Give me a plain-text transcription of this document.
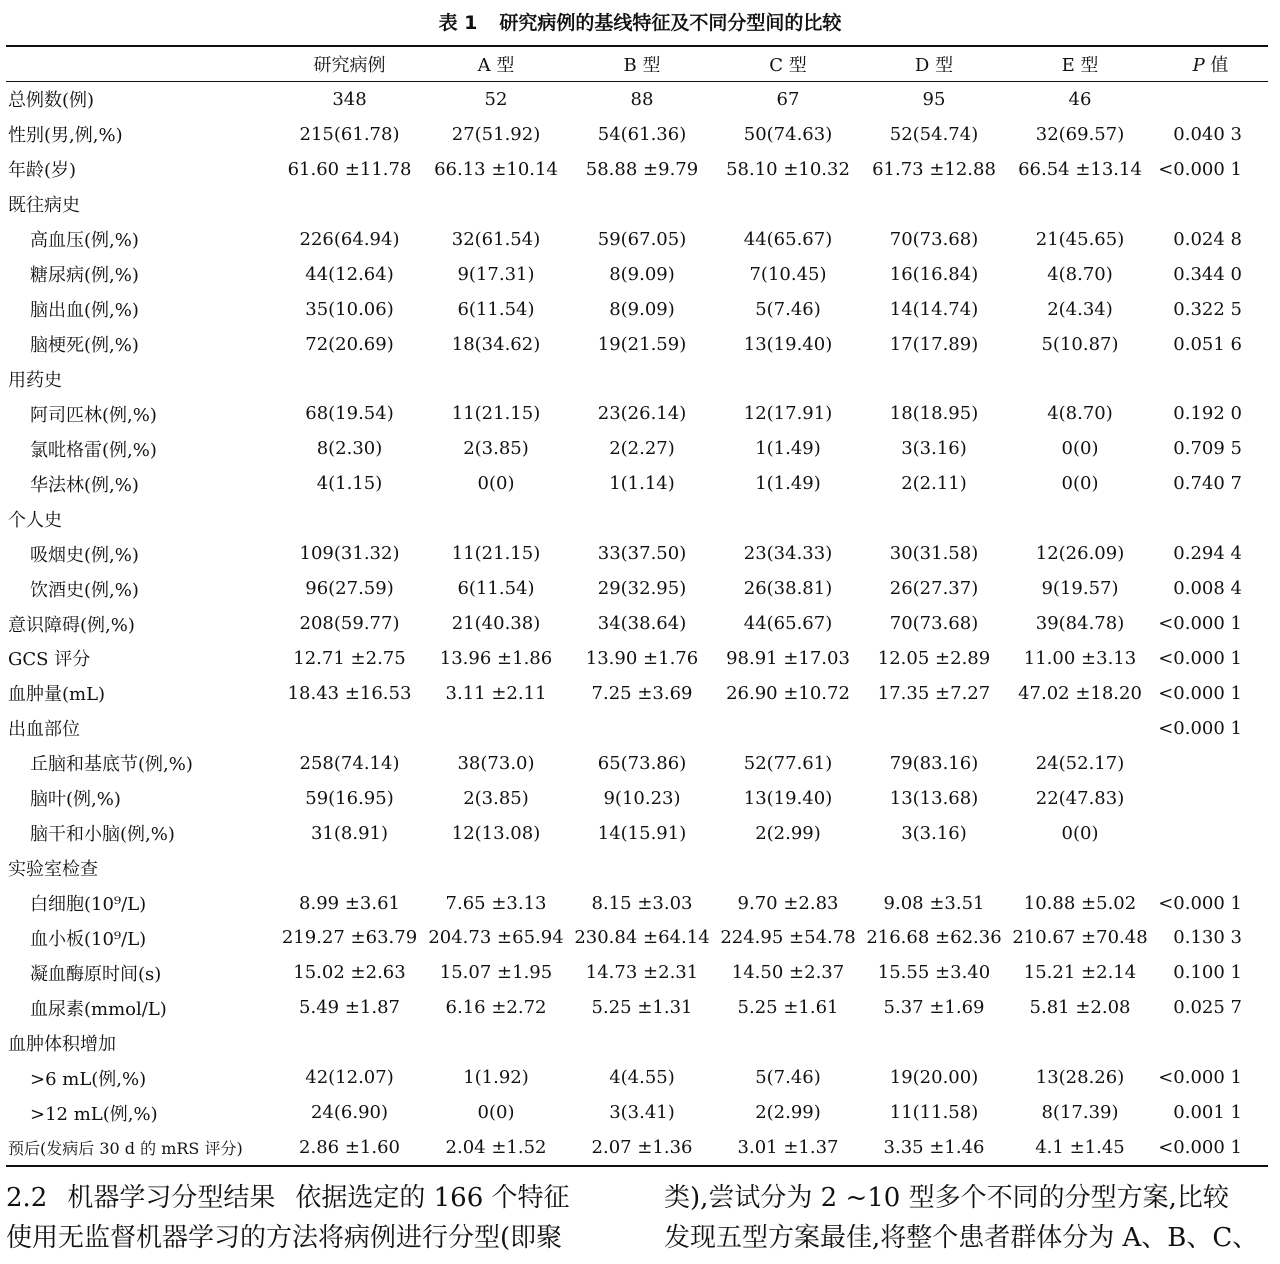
表 1 研究病例的基线特征及不同分型间的比较
	研究病例	A 型	B 型	C 型	D 型	E 型	P 值
总例数(例)	348	52	88	67	95	46	
性别(男,例,%)	215(61.78)	27(51.92)	54(61.36)	50(74.63)	52(54.74)	32(69.57)	0.040 3
年龄(岁)	61.60 ±11.78	66.13 ±10.14	58.88 ±9.79	58.10 ±10.32	61.73 ±12.88	66.54 ±13.14	<0.000 1
既往病史							
高血压(例,%)	226(64.94)	32(61.54)	59(67.05)	44(65.67)	70(73.68)	21(45.65)	0.024 8
糖尿病(例,%)	44(12.64)	9(17.31)	8(9.09)	7(10.45)	16(16.84)	4(8.70)	0.344 0
脑出血(例,%)	35(10.06)	6(11.54)	8(9.09)	5(7.46)	14(14.74)	2(4.34)	0.322 5
脑梗死(例,%)	72(20.69)	18(34.62)	19(21.59)	13(19.40)	17(17.89)	5(10.87)	0.051 6
用药史							
阿司匹林(例,%)	68(19.54)	11(21.15)	23(26.14)	12(17.91)	18(18.95)	4(8.70)	0.192 0
氯吡格雷(例,%)	8(2.30)	2(3.85)	2(2.27)	1(1.49)	3(3.16)	0(0)	0.709 5
华法林(例,%)	4(1.15)	0(0)	1(1.14)	1(1.49)	2(2.11)	0(0)	0.740 7
个人史							
吸烟史(例,%)	109(31.32)	11(21.15)	33(37.50)	23(34.33)	30(31.58)	12(26.09)	0.294 4
饮酒史(例,%)	96(27.59)	6(11.54)	29(32.95)	26(38.81)	26(27.37)	9(19.57)	0.008 4
意识障碍(例,%)	208(59.77)	21(40.38)	34(38.64)	44(65.67)	70(73.68)	39(84.78)	<0.000 1
GCS 评分	12.71 ±2.75	13.96 ±1.86	13.90 ±1.76	98.91 ±17.03	12.05 ±2.89	11.00 ±3.13	<0.000 1
血肿量(mL)	18.43 ±16.53	3.11 ±2.11	7.25 ±3.69	26.90 ±10.72	17.35 ±7.27	47.02 ±18.20	<0.000 1
出血部位							<0.000 1
丘脑和基底节(例,%)	258(74.14)	38(73.0)	65(73.86)	52(77.61)	79(83.16)	24(52.17)	
脑叶(例,%)	59(16.95)	2(3.85)	9(10.23)	13(19.40)	13(13.68)	22(47.83)	
脑干和小脑(例,%)	31(8.91)	12(13.08)	14(15.91)	2(2.99)	3(3.16)	0(0)	
实验室检查							
白细胞(10⁹/L)	8.99 ±3.61	7.65 ±3.13	8.15 ±3.03	9.70 ±2.83	9.08 ±3.51	10.88 ±5.02	<0.000 1
血小板(10⁹/L)	219.27 ±63.79	204.73 ±65.94	230.84 ±64.14	224.95 ±54.78	216.68 ±62.36	210.67 ±70.48	0.130 3
凝血酶原时间(s)	15.02 ±2.63	15.07 ±1.95	14.73 ±2.31	14.50 ±2.37	15.55 ±3.40	15.21 ±2.14	0.100 1
血尿素(mmol/L)	5.49 ±1.87	6.16 ±2.72	5.25 ±1.31	5.25 ±1.61	5.37 ±1.69	5.81 ±2.08	0.025 7
血肿体积增加							
>6 mL(例,%)	42(12.07)	1(1.92)	4(4.55)	5(7.46)	19(20.00)	13(28.26)	<0.000 1
>12 mL(例,%)	24(6.90)	0(0)	3(3.41)	2(2.99)	11(11.58)	8(17.39)	0.001 1
预后(发病后 30 d 的 mRS 评分)	2.86 ±1.60	2.04 ±1.52	2.07 ±1.36	3.01 ±1.37	3.35 ±1.46	4.1 ±1.45	<0.000 1
2.2 机器学习分型结果 依据选定的 166 个特征
使用无监督机器学习的方法将病例进行分型(即聚
类),尝试分为 2 ~10 型多个不同的分型方案,比较
发现五型方案最佳,将整个患者群体分为 A、B、C、
